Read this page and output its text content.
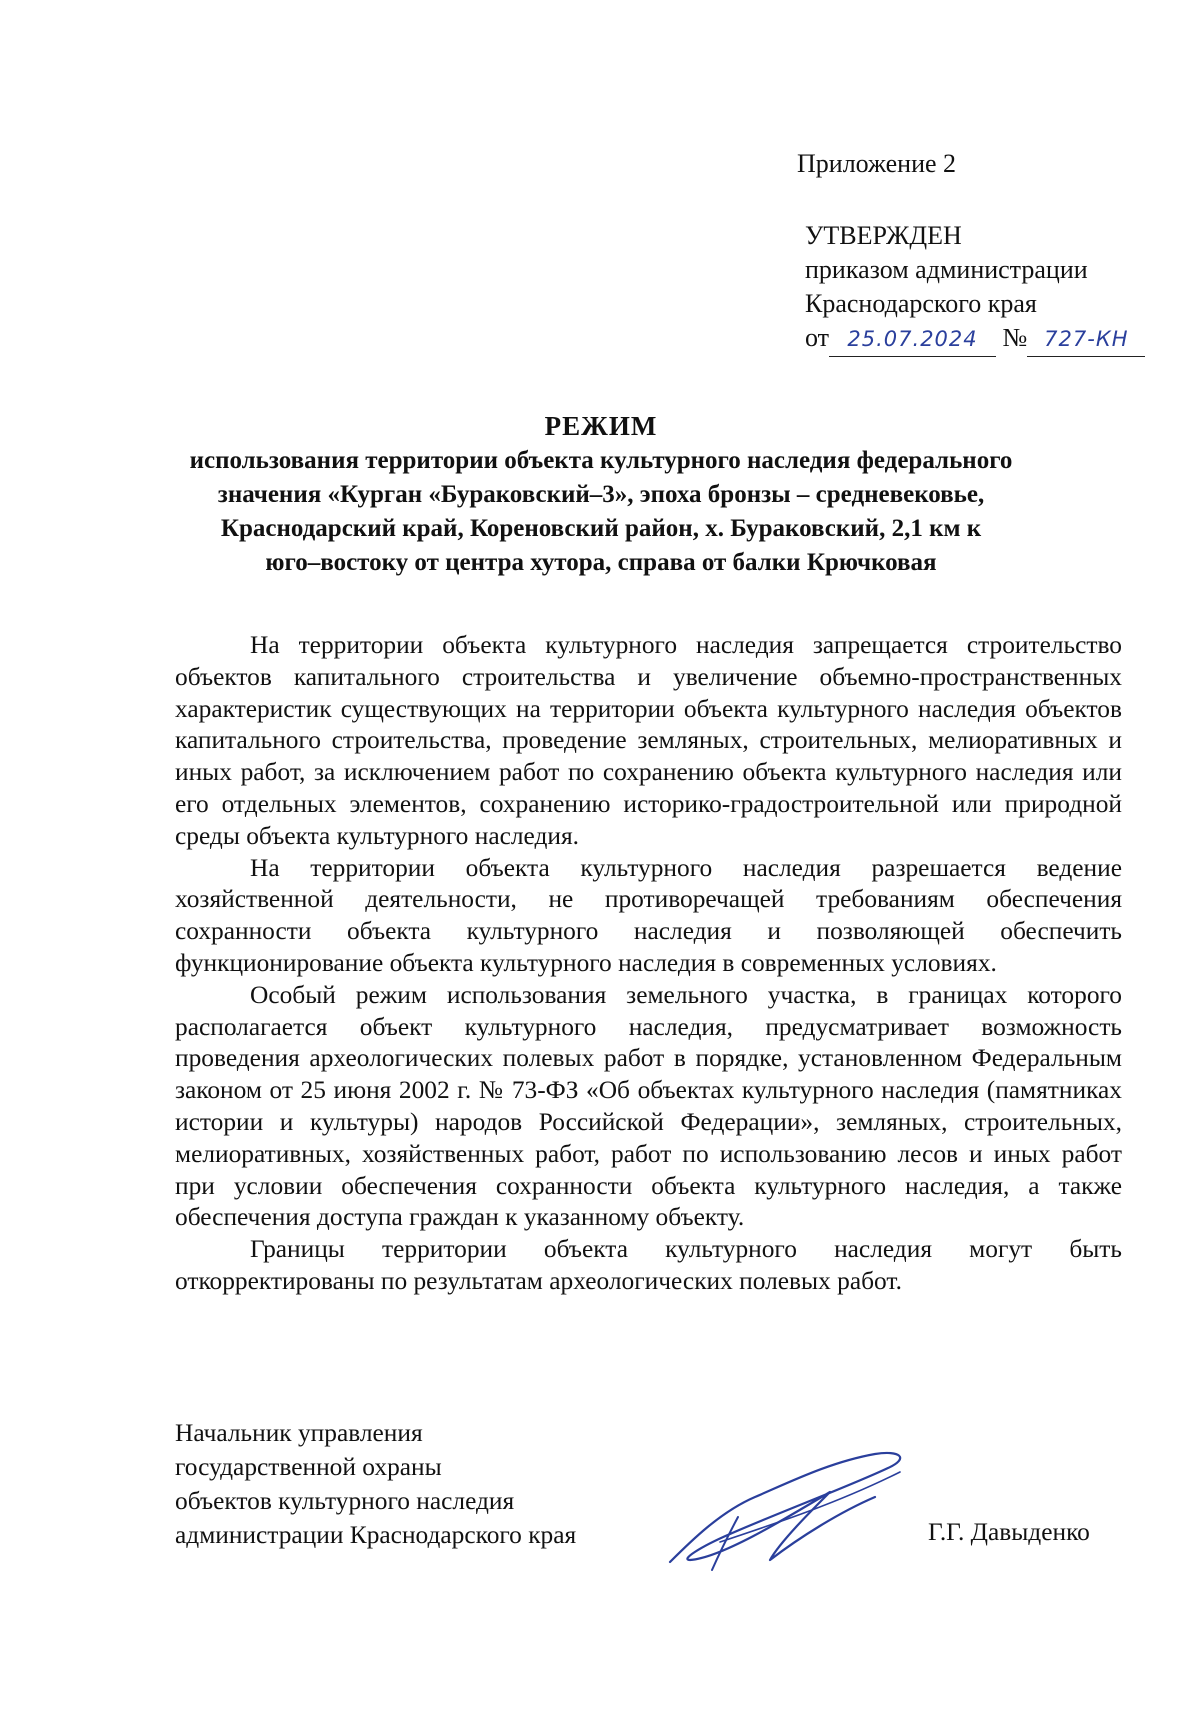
Приложение 2
УТВЕРЖДЕН
приказом администрации
Краснодарского края
от 25.07.2024 № 727-КН
РЕЖИМ
использования территории объекта культурного наследия федерального
значения «Курган «Бураковский–3», эпоха бронзы – средневековье,
Краснодарский край, Кореновский район, х. Бураковский, 2,1 км к
юго–востоку от центра хутора, справа от балки Крючковая

На территории объекта культурного наследия запрещается строительство объектов капитального строительства и увеличение объемно-пространственных характеристик существующих на территории объекта культурного наследия объектов капитального строительства, проведение земляных, строительных, мелиоративных и иных работ, за исключением работ по сохранению объекта культурного наследия или его отдельных элементов, сохранению историко-градостроительной или природной среды объекта культурного наследия.

На территории объекта культурного наследия разрешается ведение хозяйственной деятельности, не противоречащей требованиям обеспечения сохранности объекта культурного наследия и позволяющей обеспечить функционирование объекта культурного наследия в современных условиях.

Особый режим использования земельного участка, в границах которого располагается объект культурного наследия, предусматривает возможность проведения археологических полевых работ в порядке, установленном Федеральным законом от 25 июня 2002 г. № 73-ФЗ «Об объектах культурного наследия (памятниках истории и культуры) народов Российской Федерации», земляных, строительных, мелиоративных, хозяйственных работ, работ по использованию лесов и иных работ при условии обеспечения сохранности объекта культурного наследия, а также обеспечения доступа граждан к указанному объекту.

Границы территории объекта культурного наследия могут быть откорректированы по результатам археологических полевых работ.

Начальник управления
государственной охраны
объектов культурного наследия
администрации Краснодарского края	Г.Г. Давыденко
